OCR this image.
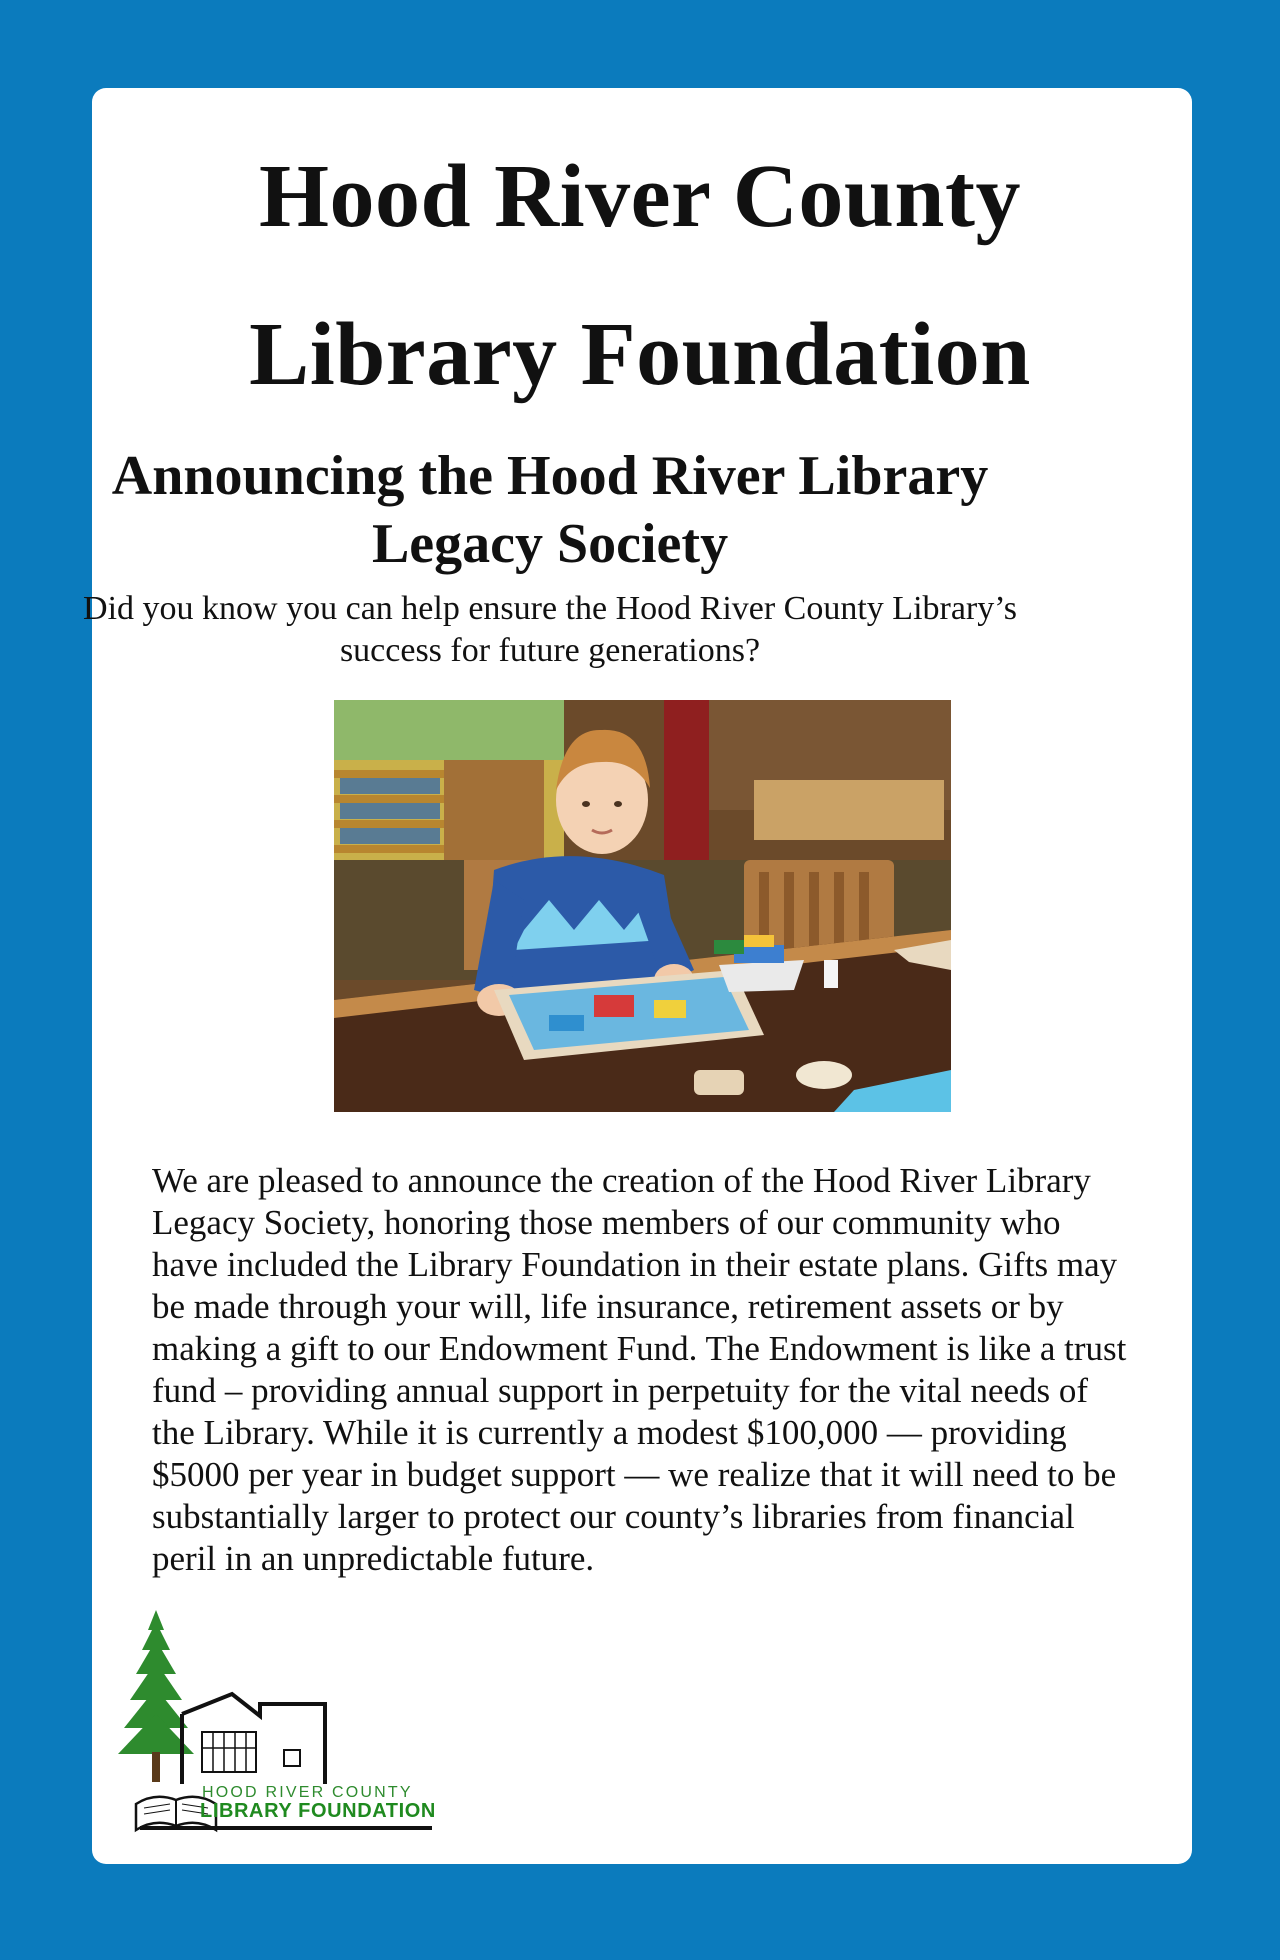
Hood River County
Library Foundation
Announcing the Hood River Library Legacy Society

Did you know you can help ensure the Hood River County Library’s success for future generations?

We are pleased to announce the creation of the Hood River Library Legacy Society, honoring those members of our community who have included the Library Foundation in their estate plans. Gifts may be made through your will, life insurance, retirement assets or by making a gift to our Endowment Fund. The Endowment is like a trust fund – providing annual support in perpetuity for the vital needs of the Library. While it is currently a modest $100,000 — providing $5000 per year in budget support — we realize that it will need to be substantially larger to protect our county’s libraries from financial peril in an unpredictable future.

HOOD RIVER COUNTY
LIBRARY FOUNDATION
